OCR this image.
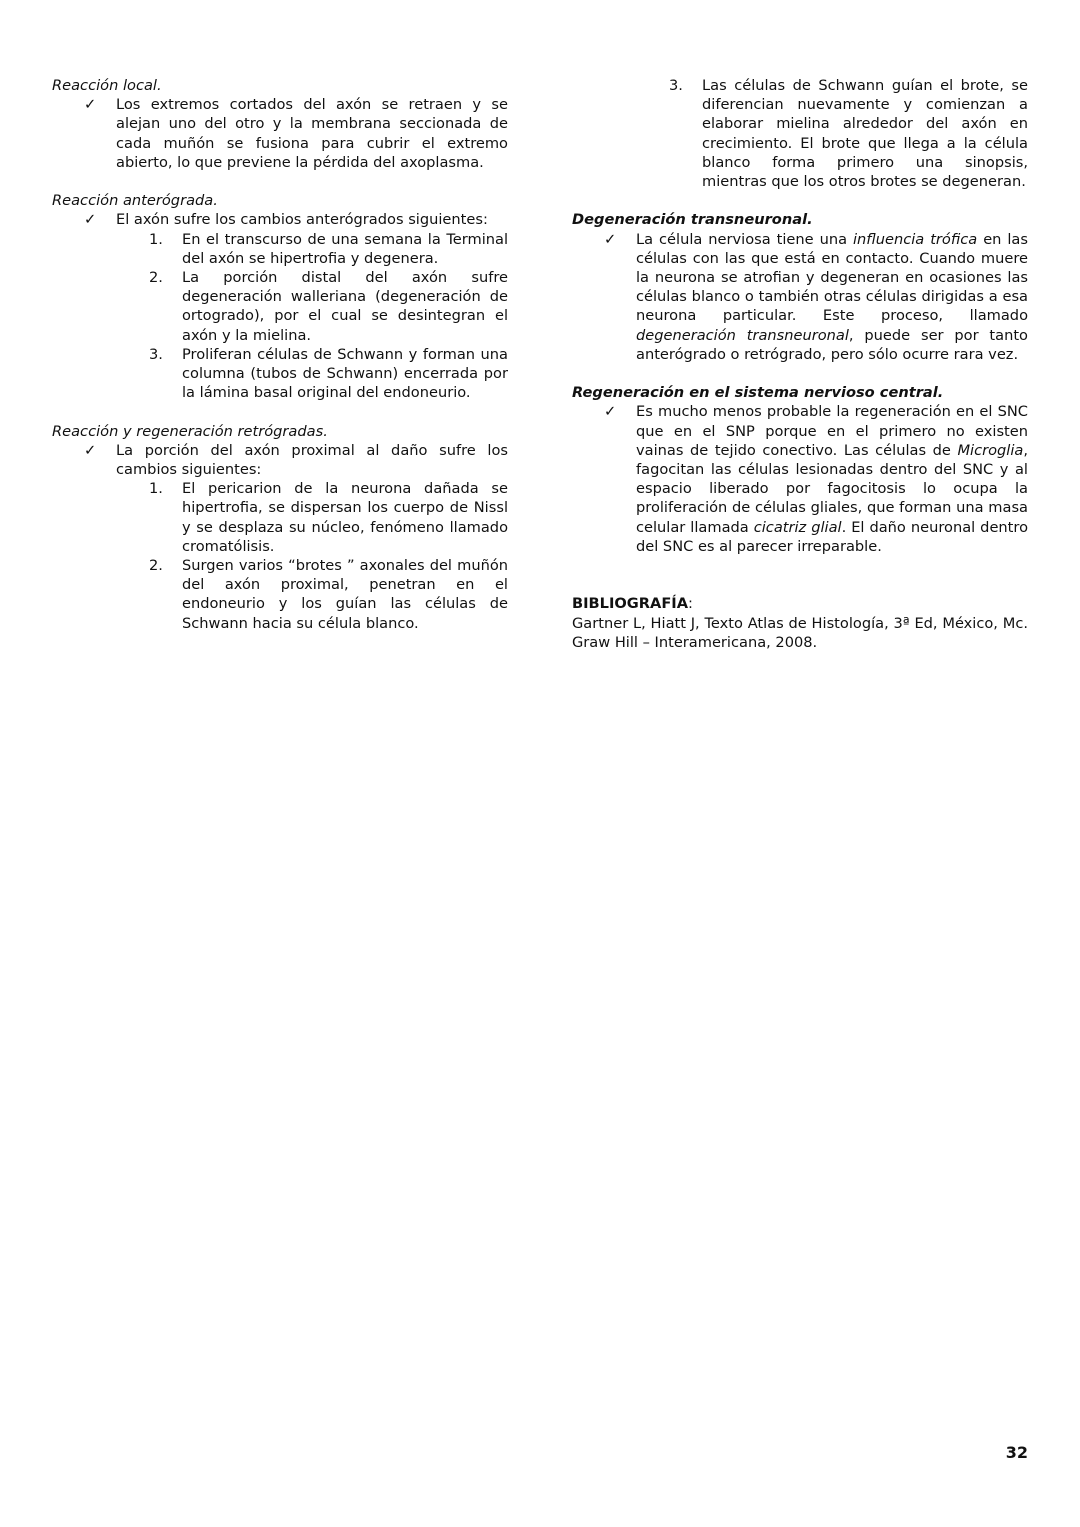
Reacción local.

✓	Los extremos cortados del axón se retraen y se alejan uno del otro y la membrana seccionada de cada muñón se fusiona para cubrir el extremo abierto, lo que previene la pérdida del axoplasma.

Reacción anterógrada.

✓	El axón sufre los cambios anterógrados siguientes:
1. En el transcurso de una semana la Terminal del axón se hipertrofia y degenera.
2. La porción distal del axón sufre degeneración walleriana (degeneración de ortogrado), por el cual se desintegran el axón y la mielina.
3. Proliferan células de Schwann y forman una columna (tubos de Schwann) encerrada por la lámina basal original del endoneurio.

Reacción y regeneración retrógradas.

✓	La porción del axón proximal al daño sufre los cambios siguientes:
1. El pericarion de la neurona dañada se hipertrofia, se dispersan los cuerpo de Nissl y se desplaza su núcleo, fenómeno llamado cromatólisis.
2. Surgen varios “brotes ” axonales del muñón del axón proximal, penetran en el endoneurio y los guían las células de Schwann hacia su célula blanco.
3. Las células de Schwann guían el brote, se diferencian nuevamente y comienzan a elaborar mielina alrededor del axón en crecimiento. El brote que llega a la célula blanco forma primero una sinopsis, mientras que los otros brotes se degeneran.

Degeneración transneuronal.

✓	La célula nerviosa tiene una influencia trófica en las células con las que está en contacto. Cuando muere la neurona se atrofian y degeneran en ocasiones las células blanco o también otras células dirigidas a esa neurona particular. Este proceso, llamado degeneración transneuronal, puede ser por tanto anterógrado o retrógrado, pero sólo ocurre rara vez.

Regeneración en el sistema nervioso central.

✓	Es mucho menos probable la regeneración en el SNC que en el SNP porque en el primero no existen vainas de tejido conectivo. Las células de Microglia, fagocitan las células lesionadas dentro del SNC y al espacio liberado por fagocitosis lo ocupa la proliferación de células gliales, que forman una masa celular llamada cicatriz glial. El daño neuronal dentro del SNC es al parecer irreparable.
BIBLIOGRAFÍA:
Gartner L, Hiatt J, Texto Atlas de Histología, 3ª Ed, México, Mc. Graw Hill – Interamericana, 2008.
32
